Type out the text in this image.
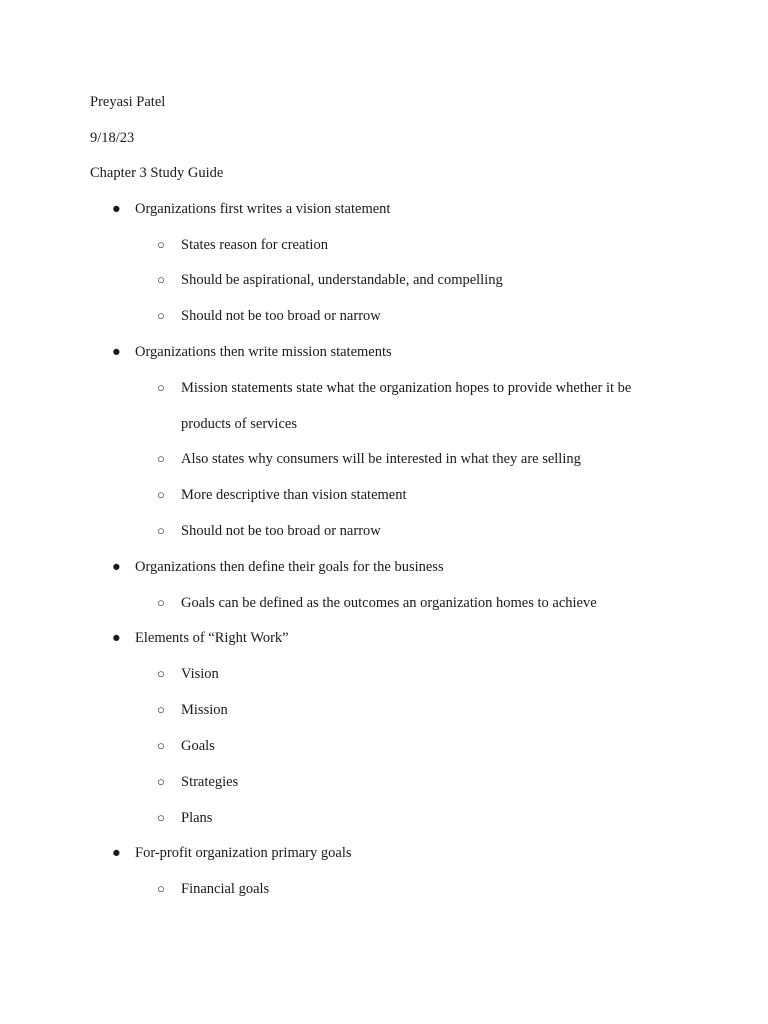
Preyasi Patel
9/18/23
Chapter 3 Study Guide
● Organizations first writes a vision statement
○ States reason for creation
○ Should be aspirational, understandable, and compelling
○ Should not be too broad or narrow
● Organizations then write mission statements
○ Mission statements state what the organization hopes to provide whether it be
products of services
○ Also states why consumers will be interested in what they are selling
○ More descriptive than vision statement
○ Should not be too broad or narrow
● Organizations then define their goals for the business
○ Goals can be defined as the outcomes an organization homes to achieve
● Elements of “Right Work”
○ Vision
○ Mission
○ Goals
○ Strategies
○ Plans
● For-profit organization primary goals
○ Financial goals
